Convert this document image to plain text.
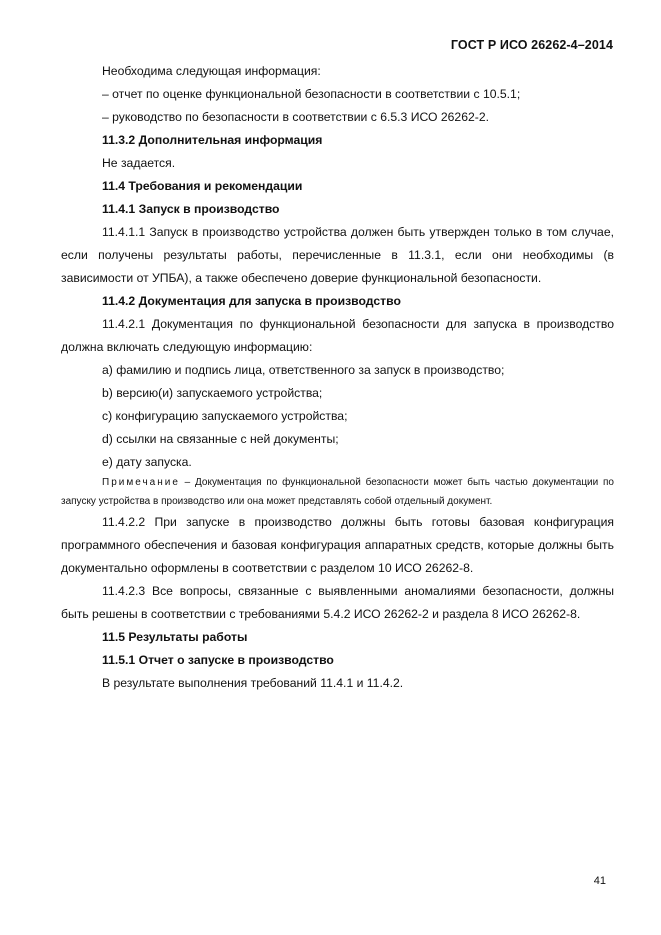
ГОСТ Р ИСО 26262-4–2014

Необходима следующая информация:

– отчет по оценке функциональной безопасности в соответствии с 10.5.1;

– руководство по безопасности в соответствии с 6.5.3 ИСО 26262-2.

11.3.2 Дополнительная информация

Не задается.

11.4 Требования и рекомендации

11.4.1 Запуск в производство

11.4.1.1 Запуск в производство устройства должен быть утвержден только в том случае, если получены результаты работы, перечисленные в 11.3.1, если они необходимы (в зависимости от УПБА), а также обеспечено доверие функциональной безопасности.

11.4.2 Документация для запуска в производство

11.4.2.1 Документация по функциональной безопасности для запуска в производство должна включать следующую информацию:

a) фамилию и подпись лица, ответственного за запуск в производство;

b) версию(и) запускаемого устройства;

c) конфигурацию запускаемого устройства;

d) ссылки на связанные с ней документы;

e) дату запуска.

Примечание – Документация по функциональной безопасности может быть частью документации по запуску устройства в производство или она может представлять собой отдельный документ.

11.4.2.2 При запуске в производство должны быть готовы базовая конфигурация программного обеспечения и базовая конфигурация аппаратных средств, которые должны быть документально оформлены в соответствии с разделом 10 ИСО 26262-8.

11.4.2.3 Все вопросы, связанные с выявленными аномалиями безопасности, должны быть решены в соответствии с требованиями 5.4.2 ИСО 26262-2 и раздела 8 ИСО 26262-8.

11.5 Результаты работы

11.5.1 Отчет о запуске в производство

В результате выполнения требований 11.4.1 и 11.4.2.

41
